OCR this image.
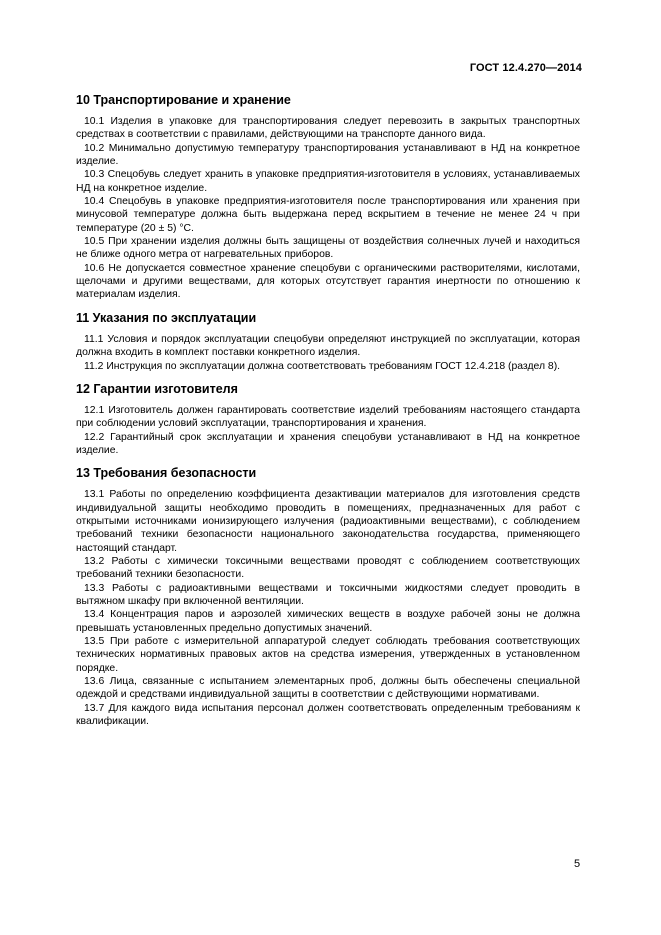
ГОСТ 12.4.270—2014
10 Транспортирование и хранение

10.1 Изделия в упаковке для транспортирования следует перевозить в закрытых транспортных средствах в соответствии с правилами, действующими на транспорте данного вида.

10.2 Минимально допустимую температуру транспортирования устанавливают в НД на конкретное изделие.

10.3 Спецобувь следует хранить в упаковке предприятия-изготовителя в условиях, устанавливаемых НД на конкретное изделие.

10.4 Спецобувь в упаковке предприятия-изготовителя после транспортирования или хранения при минусовой температуре должна быть выдержана перед вскрытием в течение не менее 24 ч при температуре (20 ± 5) °С.

10.5 При хранении изделия должны быть защищены от воздействия солнечных лучей и находиться не ближе одного метра от нагревательных приборов.

10.6 Не допускается совместное хранение спецобуви с органическими растворителями, кислотами, щелочами и другими веществами, для которых отсутствует гарантия инертности по отношению к материалам изделия.

11 Указания по эксплуатации

11.1 Условия и порядок эксплуатации спецобуви определяют инструкцией по эксплуатации, которая должна входить в комплект поставки конкретного изделия.

11.2 Инструкция по эксплуатации должна соответствовать требованиям ГОСТ 12.4.218 (раздел 8).

12 Гарантии изготовителя

12.1 Изготовитель должен гарантировать соответствие изделий требованиям настоящего стандарта при соблюдении условий эксплуатации, транспортирования и хранения.

12.2 Гарантийный срок эксплуатации и хранения спецобуви устанавливают в НД на конкретное изделие.

13 Требования безопасности

13.1 Работы по определению коэффициента дезактивации материалов для изготовления средств индивидуальной защиты необходимо проводить в помещениях, предназначенных для работ с открытыми источниками ионизирующего излучения (радиоактивными веществами), с соблюдением требований техники безопасности национального законодательства государства, применяющего настоящий стандарт.

13.2 Работы с химически токсичными веществами проводят с соблюдением соответствующих требований техники безопасности.

13.3 Работы с радиоактивными веществами и токсичными жидкостями следует проводить в вытяжном шкафу при включенной вентиляции.

13.4 Концентрация паров и аэрозолей химических веществ в воздухе рабочей зоны не должна превышать установленных предельно допустимых значений.

13.5 При работе с измерительной аппаратурой следует соблюдать требования соответствующих технических нормативных правовых актов на средства измерения, утвержденных в установленном порядке.

13.6 Лица, связанные с испытанием элементарных проб, должны быть обеспечены специальной одеждой и средствами индивидуальной защиты в соответствии с действующими нормативами.

13.7 Для каждого вида испытания персонал должен соответствовать определенным требованиям к квалификации.

5
